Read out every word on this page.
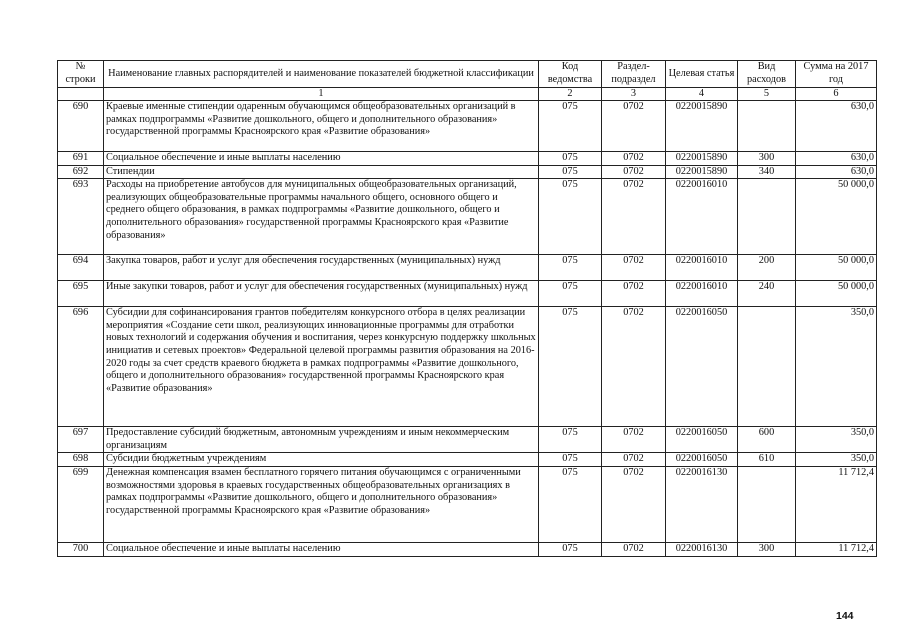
№ строки	Наименование главных распорядителей и наименование показателей бюджетной классификации	Код ведомства	Раздел-подраздел	Целевая статья	Вид расходов	Сумма на 2017 год
	1	2	3	4	5	6
690	Краевые именные стипендии одаренным обучающимся общеобразовательных организаций в рамках подпрограммы «Развитие дошкольного, общего и дополнительного образования» государственной программы Красноярского края «Развитие образования»	075	0702	0220015890		630,0
691	Социальное обеспечение и иные выплаты населению	075	0702	0220015890	300	630,0
692	Стипендии	075	0702	0220015890	340	630,0
693	Расходы на приобретение автобусов для муниципальных общеобразовательных организаций, реализующих общеобразовательные программы начального общего, основного общего и среднего общего образования, в рамках подпрограммы «Развитие дошкольного, общего и дополнительного образования» государственной программы Красноярского края «Развитие образования»	075	0702	0220016010		50 000,0
694	Закупка товаров, работ и услуг для обеспечения государственных (муниципальных) нужд	075	0702	0220016010	200	50 000,0
695	Иные закупки товаров, работ и услуг для обеспечения государственных (муниципальных) нужд	075	0702	0220016010	240	50 000,0
696	Субсидии для софинансирования грантов победителям конкурсного отбора в целях реализации мероприятия «Создание сети школ, реализующих инновационные программы для отработки новых технологий и содержания обучения и воспитания, через конкурсную поддержку школьных инициатив и сетевых проектов» Федеральной целевой программы развития образования на 2016-2020 годы за счет средств краевого бюджета в рамках подпрограммы «Развитие дошкольного, общего и дополнительного образования» государственной программы Красноярского края «Развитие образования»	075	0702	0220016050		350,0
697	Предоставление субсидий бюджетным, автономным учреждениям и иным некоммерческим организациям	075	0702	0220016050	600	350,0
698	Субсидии бюджетным учреждениям	075	0702	0220016050	610	350,0
699	Денежная компенсация взамен бесплатного горячего питания обучающимся с ограниченными возможностями здоровья в краевых государственных общеобразовательных организациях в рамках подпрограммы «Развитие дошкольного, общего и дополнительного образования» государственной программы Красноярского края «Развитие образования»	075	0702	0220016130		11 712,4
700	Социальное обеспечение и иные выплаты населению	075	0702	0220016130	300	11 712,4
144
